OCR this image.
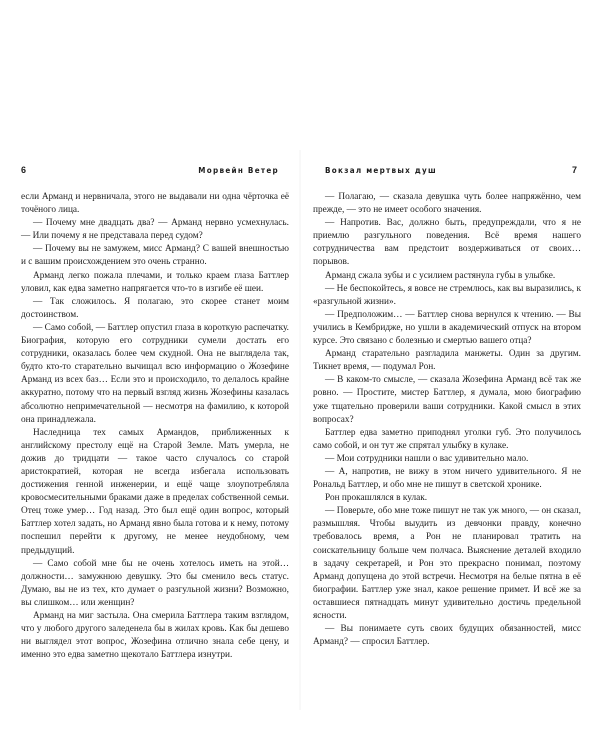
6	Морвейн Ветер

если Арманд и нервничала, этого не выдавали ни одна чёрточка её точёного лица.

— Почему мне двадцать два? — Арманд нервно усмехнулась. — Или почему я не представала перед судом?

— Почему вы не замужем, мисс Арманд? С вашей внешностью и с вашим происхождением это очень странно.

Арманд легко пожала плечами, и только краем глаза Баттлер уловил, как едва заметно напрягается что-то в изгибе её шеи.

— Так сложилось. Я полагаю, это скорее станет моим достоинством.

— Само собой, — Баттлер опустил глаза в короткую распечатку. Биография, которую его сотрудники сумели достать его сотрудники, оказалась более чем скудной. Она не выглядела так, будто кто-то старательно вычищал всю информацию о Жозефине Арманд из всех баз… Если это и происходило, то делалось крайне аккуратно, потому что на первый взгляд жизнь Жозефины казалась абсолютно непримечательной — несмотря на фамилию, к которой она принадлежала.

Наследница тех самых Армандов, приближенных к английскому престолу ещё на Старой Земле. Мать умерла, не дожив до тридцати — такое часто случалось со старой аристократией, которая не всегда избегала использовать достижения генной инженерии, и ещё чаще злоупотребляла кровосмесительными браками даже в пределах собственной семьи. Отец тоже умер… Год назад. Это был ещё один вопрос, который Баттлер хотел задать, но Арманд явно была готова и к нему, потому поспешил перейти к другому, не менее неудобному, чем предыдущий.

— Само собой мне бы не очень хотелось иметь на этой… должности… замужнюю девушку. Это бы сменило весь статус. Думаю, вы не из тех, кто думает о разгульной жизни? Возможно, вы слишком… или женщин?

Арманд на миг застыла. Она смерила Баттлера таким взглядом, что у любого другого заледенела бы в жилах кровь. Как бы дешево ни выглядел этот вопрос, Жозефина отлично знала себе цену, и именно это едва заметно щекотало Баттлера изнутри.

Вокзал мертвых душ	7

— Полагаю, — сказала девушка чуть более напряжённо, чем прежде, — это не имеет особого значения.

— Напротив. Вас, должно быть, предупреждали, что я не приемлю разгульного поведения. Всё время нашего сотрудничества вам предстоит воздерживаться от своих… порывов.

Арманд сжала зубы и с усилием растянула губы в улыбке.

— Не беспокойтесь, я вовсе не стремлюсь, как вы выразились, к «разгульной жизни».

— Предположим… — Баттлер снова вернулся к чтению. — Вы учились в Кембридже, но ушли в академический отпуск на втором курсе. Это связано с болезнью и смертью вашего отца?

Арманд старательно разгладила манжеты. Один за другим. Тикнет время, — подумал Рон.

— В каком-то смысле, — сказала Жозефина Арманд всё так же ровно. — Простите, мистер Баттлер, я думала, мою биографию уже тщательно проверили ваши сотрудники. Какой смысл в этих вопросах?

Баттлер едва заметно приподнял уголки губ. Это получилось само собой, и он тут же спрятал улыбку в кулаке.

— Мои сотрудники нашли о вас удивительно мало.

— А, напротив, не вижу в этом ничего удивительного. Я не Рональд Баттлер, и обо мне не пишут в светской хронике.

Рон прокашлялся в кулак.

— Поверьте, обо мне тоже пишут не так уж много, — он сказал, размышляя. Чтобы выудить из девчонки правду, конечно требовалось время, а Рон не планировал тратить на соискательницу больше чем полчаса. Выяснение деталей входило в задачу секретарей, и Рон это прекрасно понимал, поэтому Арманд допущена до этой встречи. Несмотря на белые пятна в её биографии. Баттлер уже знал, какое решение примет. И всё же за оставшиеся пятнадцать минут удивительно достичь предельной ясности.

— Вы понимаете суть своих будущих обязанностей, мисс Арманд? — спросил Баттлер.
